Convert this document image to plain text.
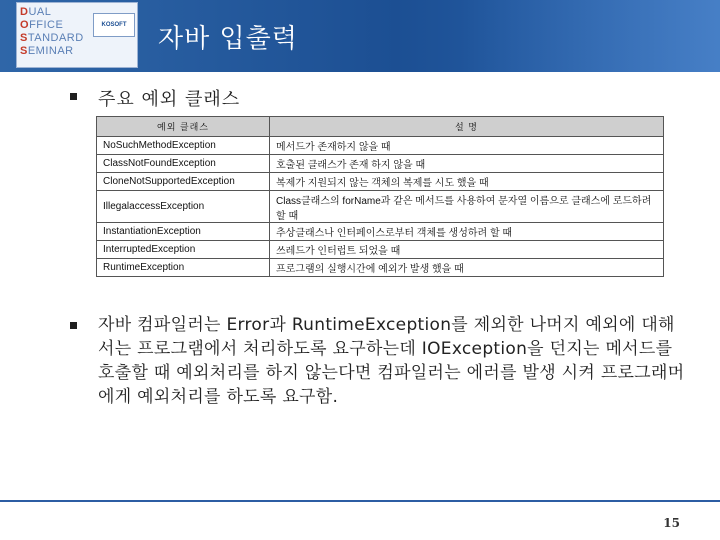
DUAL
OFFICE
STANDARD
SEMINAR
KOSOFT	자바 입출력
주요 예외 클래스
예외 클래스	설 명
NoSuchMethodException	메서드가 존재하지 않을 때
ClassNotFoundException	호출된 클래스가 존재 하지 않을 때
CloneNotSupportedException	복제가 지원되지 않는 객체의 복제를 시도 했을 때
IllegalaccessException	Class클래스의 forName과 같은 메서드를 사용하여 문자열 이름으로 클래스에 로드하려 할 때
InstantiationException	추상클래스나 인터페이스로부터 객체를 생성하려 할 때
InterruptedException	쓰레드가 인터럽트 되었을 때
RuntimeException	프로그램의 실행시간에 예외가 발생 했을 때
자바 컴파일러는 Error과 RuntimeException를 제외한 나머지 예외에 대해서는 프로그램에서 처리하도록 요구하는데 IOException을 던지는 메서드를 호출할 때 예외처리를 하지 않는다면 컴파일러는 에러를 발생 시켜 프로그래머에게 예외처리를 하도록 요구함.
15
